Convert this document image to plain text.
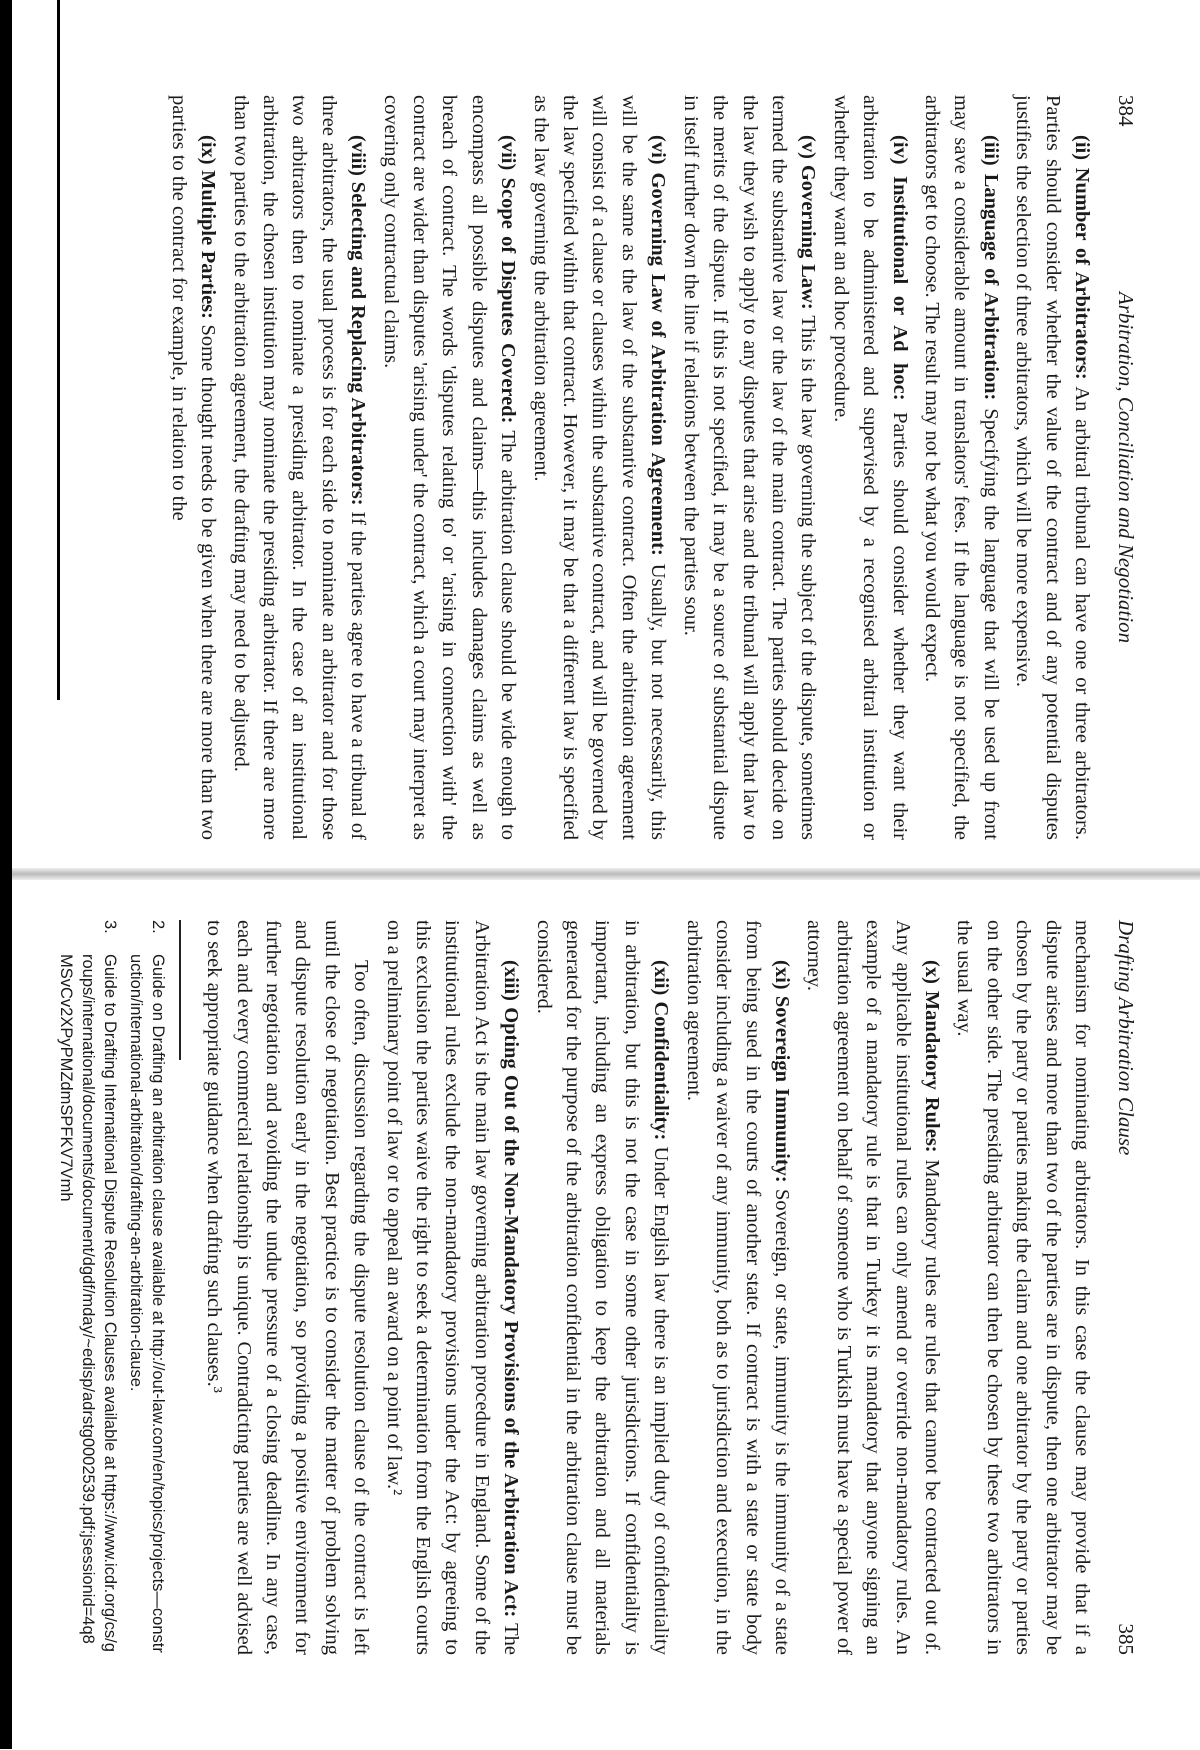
384
Arbitration, Conciliation and Negotiation

(ii) Number of Arbitrators: An arbitral tribunal can have one or three arbitrators. Parties should consider whether the value of the contract and of any potential disputes justifies the selection of three arbitrators, which will be more expensive.

(iii) Language of Arbitration: Specifying the language that will be used up front may save a considerable amount in translators' fees. If the language is not specified, the arbitrators get to choose. The result may not be what you would expect.

(iv) Institutional or Ad hoc: Parties should consider whether they want their arbitration to be administered and supervised by a recognised arbitral institution or whether they want an ad hoc procedure.

(v) Governing Law: This is the law governing the subject of the dispute, sometimes termed the substantive law or the law of the main contract. The parties should decide on the law they wish to apply to any disputes that arise and the tribunal will apply that law to the merits of the dispute. If this is not specified, it may be a source of substantial dispute in itself further down the line if relations between the parties sour.

(vi) Governing Law of Arbitration Agreement: Usually, but not necessarily, this will be the same as the law of the substantive contract. Often the arbitration agreement will consist of a clause or clauses within the substantive contract, and will be governed by the law specified within that contract. However, it may be that a different law is specified as the law governing the arbitration agreement.

(vii) Scope of Disputes Covered: The arbitration clause should be wide enough to encompass all possible disputes and claims—this includes damages claims as well as breach of contract. The words 'disputes relating to' or 'arising in connection with' the contract are wider than disputes 'arising under' the contract, which a court may interpret as covering only contractual claims.

(viii) Selecting and Replacing Arbitrators: If the parties agree to have a tribunal of three arbitrators, the usual process is for each side to nominate an arbitrator and for those two arbitrators then to nominate a presiding arbitrator. In the case of an institutional arbitration, the chosen institution may nominate the presiding arbitrator. If there are more than two parties to the arbitration agreement, the drafting may need to be adjusted.

(ix) Multiple Parties: Some thought needs to be given when there are more than two parties to the contract for example, in relation to the

Drafting Arbitration Clause
385

mechanism for nominating arbitrators. In this case the clause may provide that if a dispute arises and more than two of the parties are in dispute, then one arbitrator may be chosen by the party or parties making the claim and one arbitrator by the party or parties on the other side. The presiding arbitrator can then be chosen by these two arbitrators in the usual way.

(x) Mandatory Rules: Mandatory rules are rules that cannot be contracted out of. Any applicable institutional rules can only amend or override non-mandatory rules. An example of a mandatory rule is that in Turkey it is mandatory that anyone signing an arbitration agreement on behalf of someone who is Turkish must have a special power of attorney.

(xi) Sovereign Immunity: Sovereign, or state, immunity is the immunity of a state from being sued in the courts of another state. If contract is with a state or state body consider including a waiver of any immunity, both as to jurisdiction and execution, in the arbitration agreement.

(xii) Confidentiality: Under English law there is an implied duty of confidentiality in arbitration, but this is not the case in some other jurisdictions. If confidentiality is important, including an express obligation to keep the arbitration and all materials generated for the purpose of the arbitration confidential in the arbitration clause must be considered.

(xiii) Opting Out of the Non-Mandatory Provisions of the Arbitration Act: The Arbitration Act is the main law governing arbitration procedure in England. Some of the institutional rules exclude the non-mandatory provisions under the Act: by agreeing to this exclusion the parties waive the right to seek a determination from the English courts on a preliminary point of law or to appeal an award on a point of law.²

Too often, discussion regarding the dispute resolution clause of the contract is left until the close of negotiation. Best practice is to consider the matter of problem solving and dispute resolution early in the negotiation, so providing a positive environment for further negotiation and avoiding the undue pressure of a closing deadline. In any case, each and every commercial relationship is unique. Contradicting parties are well advised to seek appropriate guidance when drafting such clauses.³

2.
Guide on Drafting an arbitration clause available at http://out-law.com/en/topics/projects—construction/international-arbitration/drafting-an-arbitration-clause.
3.
Guide to Drafting International Dispute Resolution Clauses available at https://www.icdr.org/cs/groups/international/documents/document/dgdf/mday/~edisp/adrstg0002539.pdf;jsessionid=4q8MSvCv2XPyPMZdmSPFKV7Vmh
